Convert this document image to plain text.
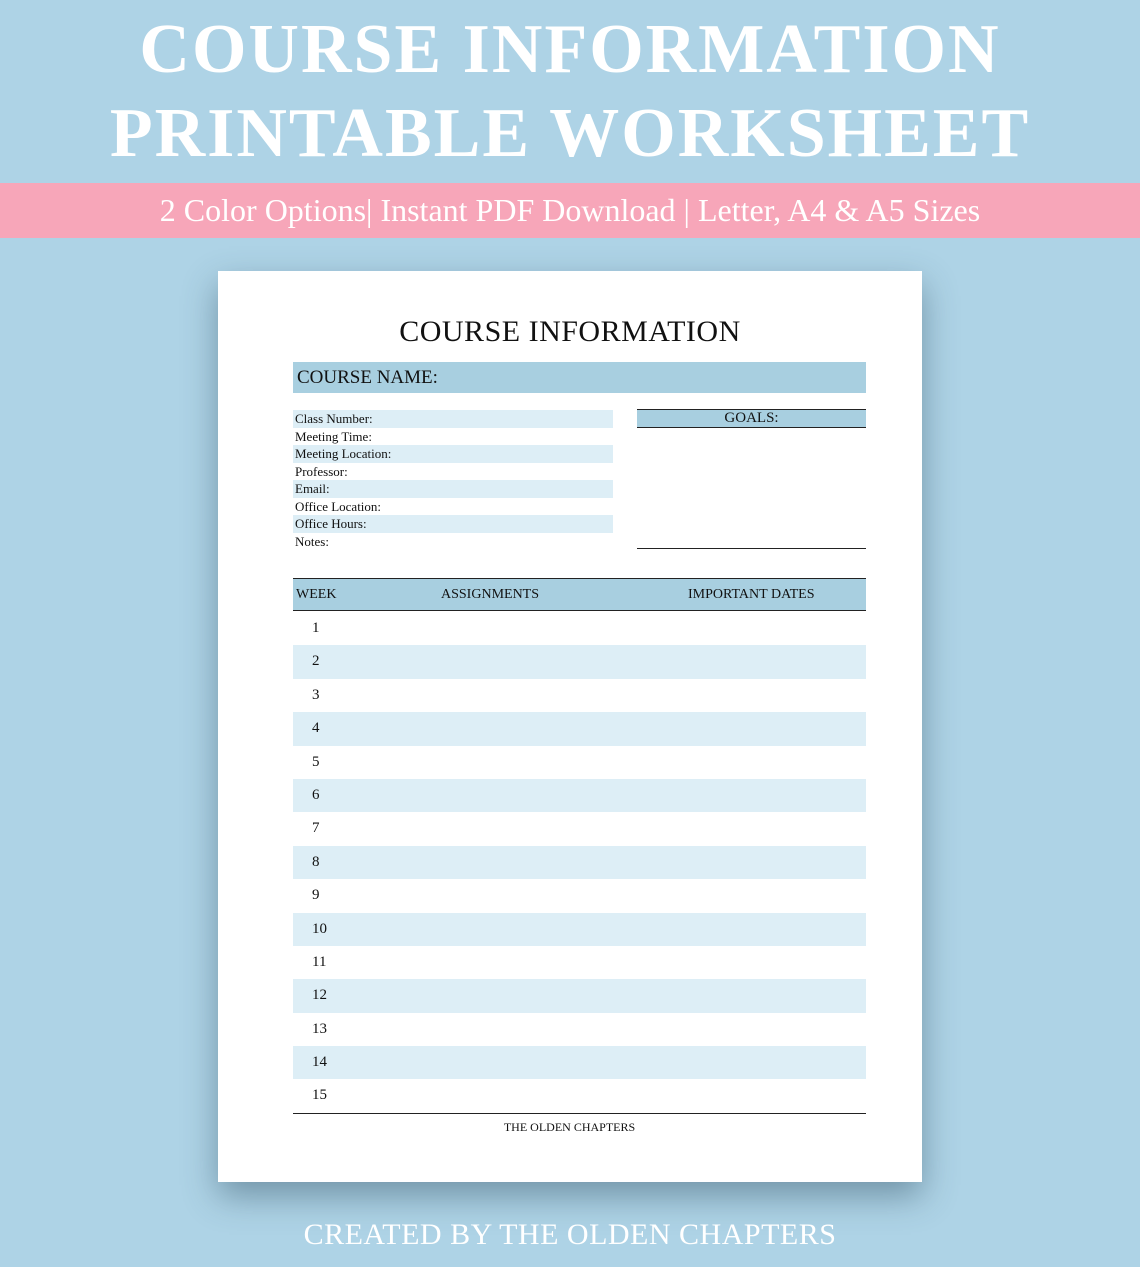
COURSE INFORMATION
PRINTABLE WORKSHEET
2 Color Options| Instant PDF Download | Letter, A4 & A5 Sizes
COURSE INFORMATION
COURSE NAME:
Class Number:
Meeting Time:
Meeting Location:
Professor:
Email:
Office Location:
Office Hours:
Notes:
GOALS:
WEEK	ASSIGNMENTS	IMPORTANT DATES
1
2
3
4
5
6
7
8
9
10
11
12
13
14
15
THE OLDEN CHAPTERS
CREATED BY THE OLDEN CHAPTERS
